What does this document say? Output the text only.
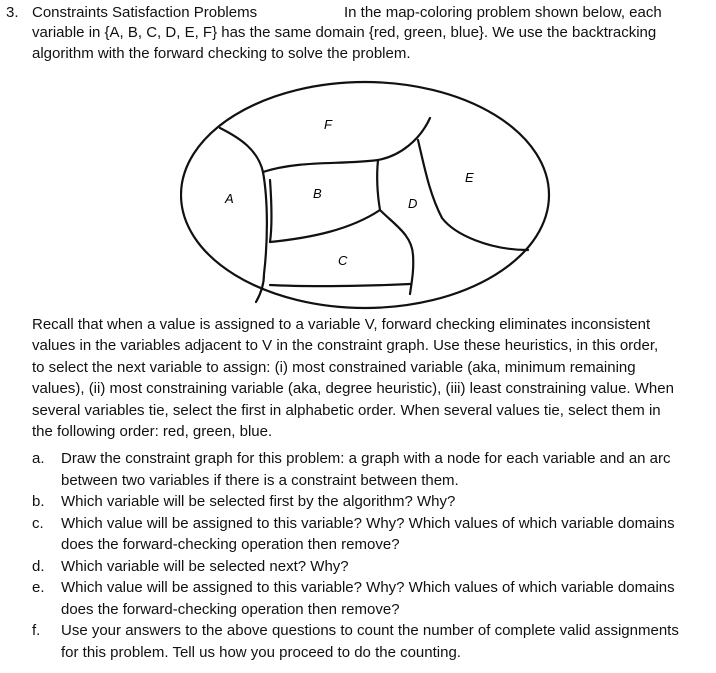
3. Constraints Satisfaction Problems	In the map-coloring problem shown below, each
variable in {A, B, C, D, E, F} has the same domain {red, green, blue}. We use the backtracking
algorithm with the forward checking to solve the problem.
F
A	B
C
D
E
Recall that when a value is assigned to a variable V, forward checking eliminates inconsistent
values in the variables adjacent to V in the constraint graph. Use these heuristics, in this order,
to select the next variable to assign: (i) most constrained variable (aka, minimum remaining
values), (ii) most constraining variable (aka, degree heuristic), (iii) least constraining value. When
several variables tie, select the first in alphabetic order. When several values tie, select them in
the following order: red, green, blue.
a. Draw the constraint graph for this problem: a graph with a node for each variable and an arc
between two variables if there is a constraint between them.
b. Which variable will be selected first by the algorithm? Why?
c. Which value will be assigned to this variable? Why? Which values of which variable domains
does the forward-checking operation then remove?
d. Which variable will be selected next? Why?
e. Which value will be assigned to this variable? Why? Which values of which variable domains
does the forward-checking operation then remove?
f. Use your answers to the above questions to count the number of complete valid assignments
for this problem. Tell us how you proceed to do the counting.
